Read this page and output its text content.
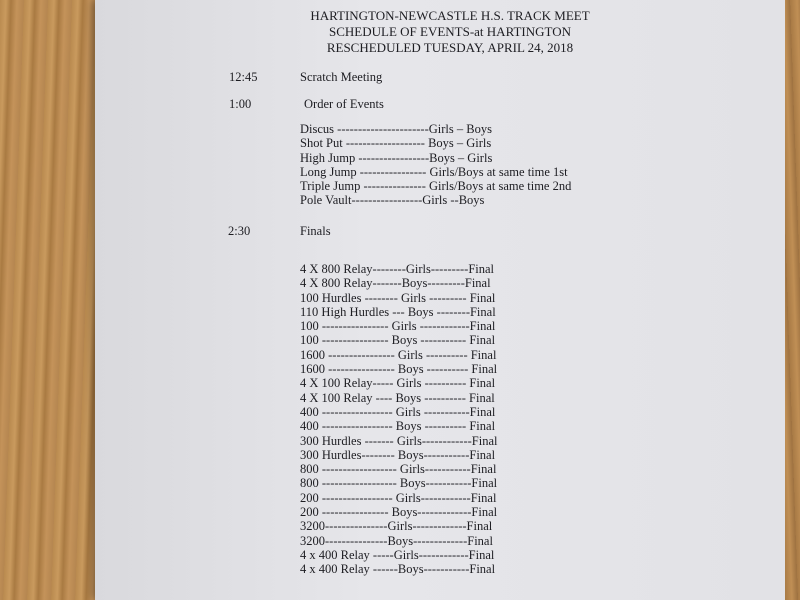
HARTINGTON-NEWCASTLE H.S. TRACK MEET
SCHEDULE OF EVENTS-at HARTINGTON
RESCHEDULED TUESDAY, APRIL 24, 2018
12:45	Scratch Meeting
1:00	Order of Events
Discus ----------------------Girls – Boys
Shot Put ------------------- Boys – Girls
High Jump -----------------Boys – Girls
Long Jump ---------------- Girls/Boys at same time 1st
Triple Jump --------------- Girls/Boys at same time 2nd
Pole Vault-----------------Girls --Boys
2:30	Finals
4 X 800 Relay--------Girls---------Final
4 X 800 Relay-------Boys---------Final
100 Hurdles -------- Girls --------- Final
110 High Hurdles --- Boys --------Final
100 ---------------- Girls ------------Final
100 ---------------- Boys ----------- Final
1600 ---------------- Girls ---------- Final
1600 ---------------- Boys ---------- Final
4 X 100 Relay----- Girls ---------- Final
4 X 100 Relay ---- Boys ---------- Final
400 ----------------- Girls -----------Final
400 ----------------- Boys ---------- Final
300 Hurdles ------- Girls------------Final
300 Hurdles-------- Boys-----------Final
800 ------------------ Girls-----------Final
800 ------------------ Boys-----------Final
200 ----------------- Girls------------Final
200 ---------------- Boys-------------Final
3200---------------Girls-------------Final
3200---------------Boys-------------Final
4 x 400 Relay -----Girls------------Final
4 x 400 Relay ------Boys-----------Final
